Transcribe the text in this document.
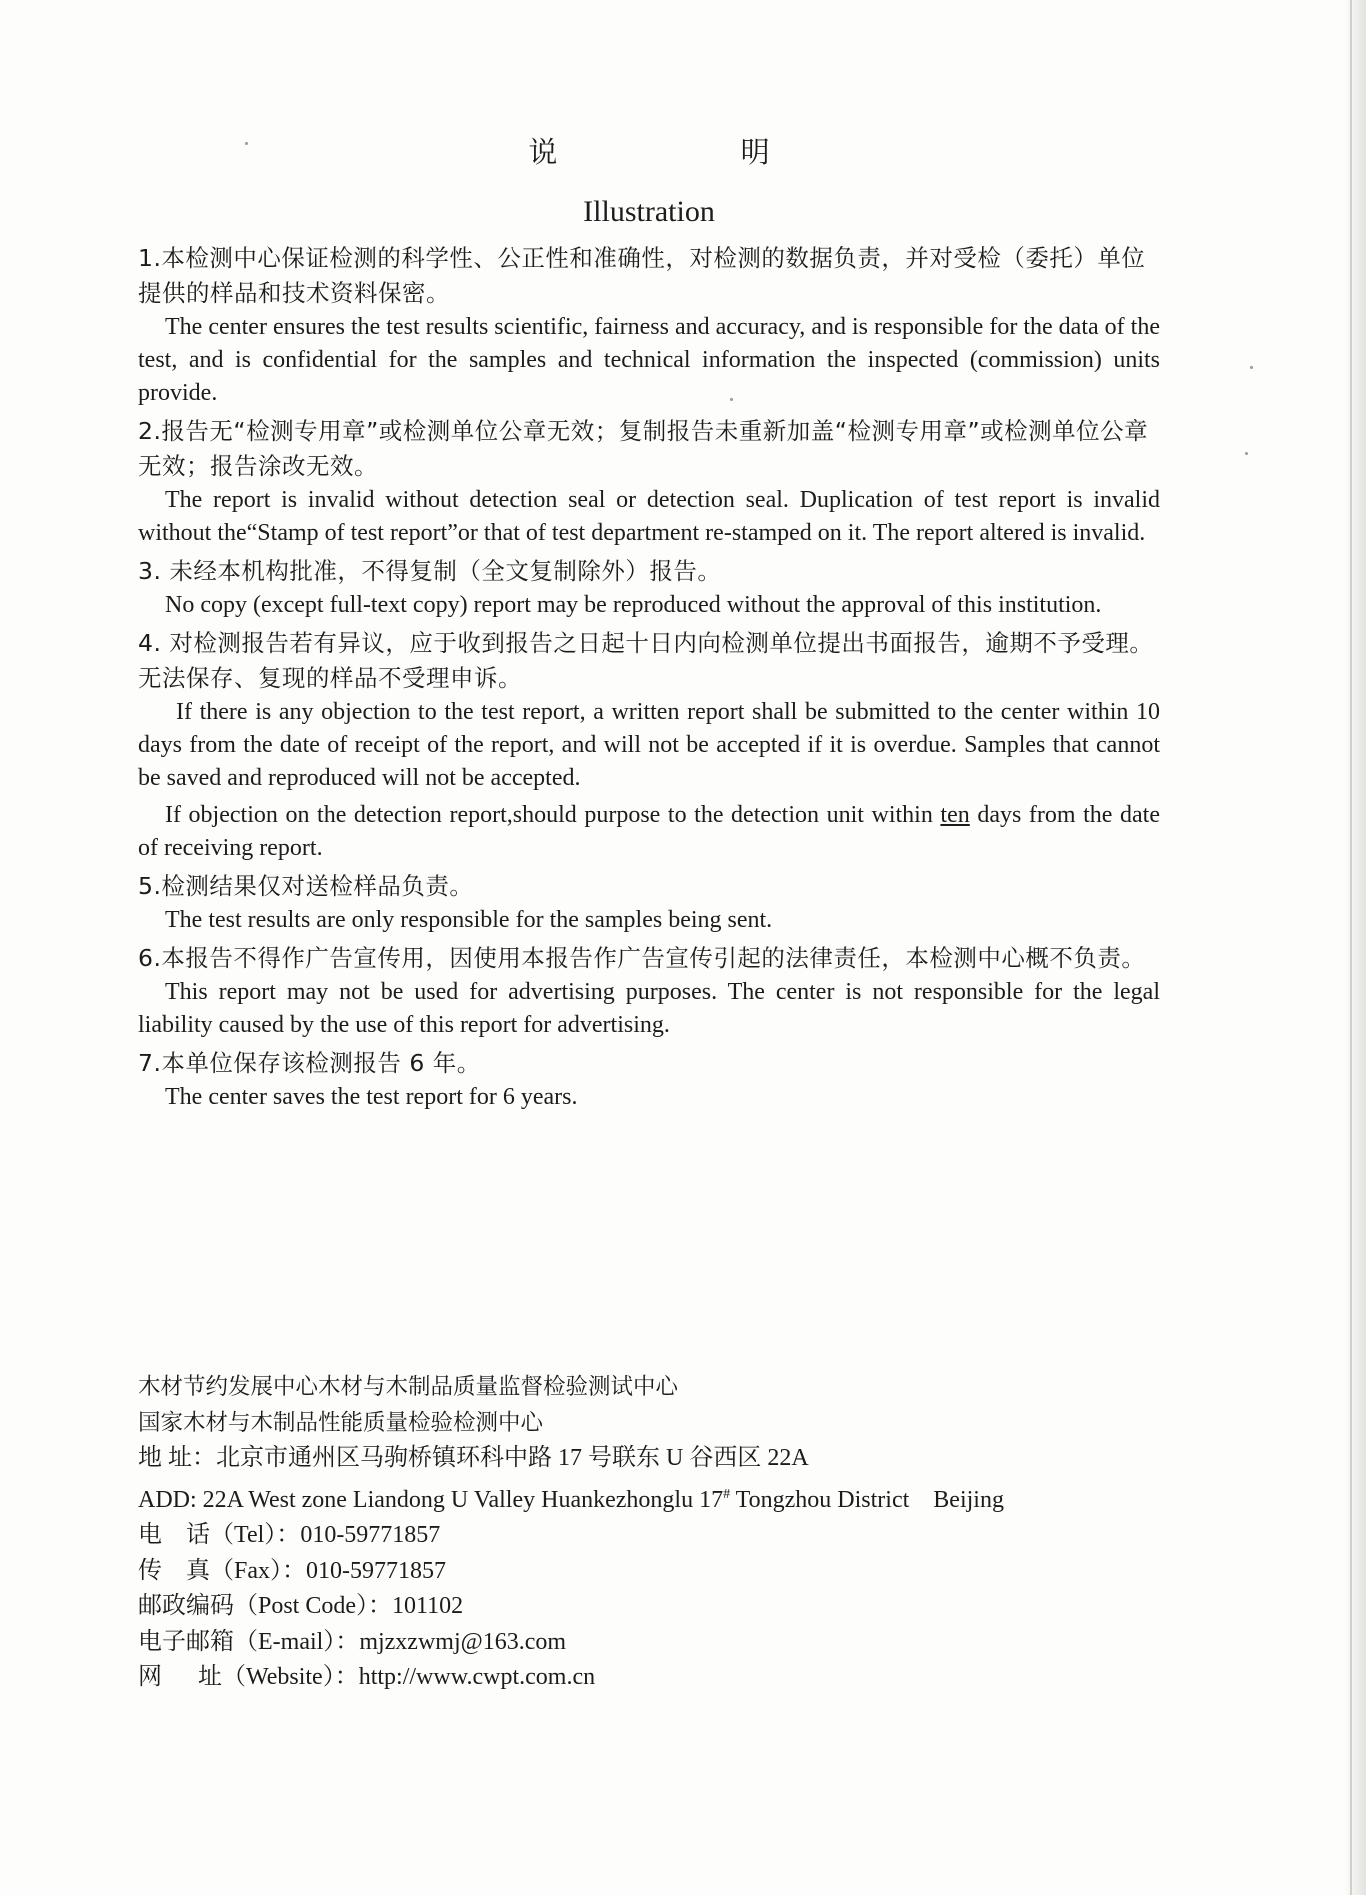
说 明
Illustration

1.本检测中心保证检测的科学性、公正性和准确性，对检测的数据负责，并对受检（委托）单位提供的样品和技术资料保密。

The center ensures the test results scientific, fairness and accuracy, and is responsible for the data of the test, and is confidential for the samples and technical information the inspected (commission) units provide.

2.报告无“检测专用章”或检测单位公章无效；复制报告未重新加盖“检测专用章”或检测单位公章无效；报告涂改无效。

The report is invalid without detection seal or detection seal. Duplication of test report is invalid without the“Stamp of test report”or that of test department re-stamped on it. The report altered is invalid.

3. 未经本机构批准，不得复制（全文复制除外）报告。

No copy (except full-text copy) report may be reproduced without the approval of this institution.

4. 对检测报告若有异议，应于收到报告之日起十日内向检测单位提出书面报告，逾期不予受理。无法保存、复现的样品不受理申诉。

If there is any objection to the test report, a written report shall be submitted to the center within 10 days from the date of receipt of the report, and will not be accepted if it is overdue. Samples that cannot be saved and reproduced will not be accepted.

If objection on the detection report,should purpose to the detection unit within ten days from the date of receiving report.

5.检测结果仅对送检样品负责。

The test results are only responsible for the samples being sent.

6.本报告不得作广告宣传用，因使用本报告作广告宣传引起的法律责任，本检测中心概不负责。

This report may not be used for advertising purposes. The center is not responsible for the legal liability caused by the use of this report for advertising.

7.本单位保存该检测报告 6 年。

The center saves the test report for 6 years.

木材节约发展中心木材与木制品质量监督检验测试中心
国家木材与木制品性能质量检验检测中心
地 址：北京市通州区马驹桥镇环科中路 17 号联东 U 谷西区 22A
ADD: 22A West zone Liandong U Valley Huankezhonglu 17# Tongzhou District    Beijing
电    话（Tel）：010-59771857
传    真（Fax）：010-59771857
邮政编码（Post Code）：101102
电子邮箱（E-mail）：mjzxzwmj@163.com
网      址（Website）：http://www.cwpt.com.cn
